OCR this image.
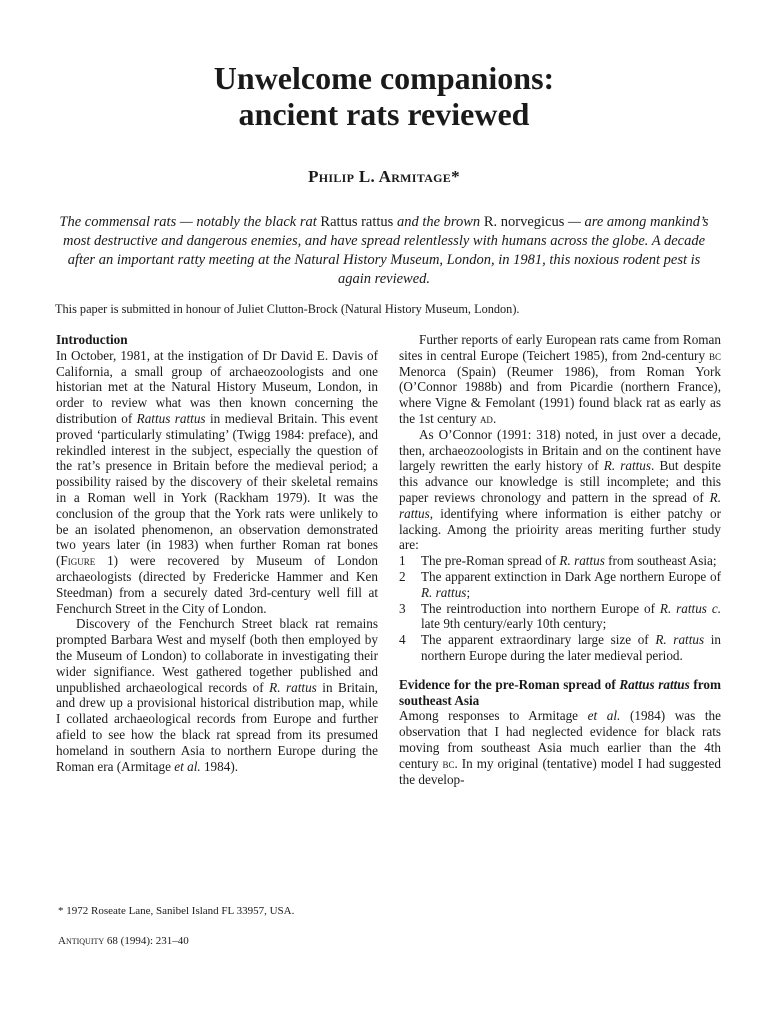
Unwelcome companions:
ancient rats reviewed
Philip L. Armitage*
The commensal rats — notably the black rat Rattus rattus and the brown R. norvegicus — are among mankind’s most destructive and dangerous enemies, and have spread relentlessly with humans across the globe. A decade after an important ratty meeting at the Natural History Museum, London, in 1981, this noxious rodent pest is again reviewed.
This paper is submitted in honour of Juliet Clutton-Brock (Natural History Museum, London).
Introduction

In October, 1981, at the instigation of Dr David E. Davis of California, a small group of archaeozoologists and one historian met at the Natural History Museum, London, in order to review what was then known concerning the distribution of Rattus rattus in medieval Britain. This event proved ‘particularly stimulating’ (Twigg 1984: preface), and rekindled interest in the subject, especially the question of the rat’s presence in Britain before the medieval period; a possibility raised by the discovery of their skeletal remains in a Roman well in York (Rackham 1979). It was the conclusion of the group that the York rats were unlikely to be an isolated phenomenon, an observation demonstrated two years later (in 1983) when further Roman rat bones (Figure 1) were recovered by Museum of London archaeologists (directed by Fredericke Hammer and Ken Steedman) from a securely dated 3rd-century well fill at Fenchurch Street in the City of London.

Discovery of the Fenchurch Street black rat remains prompted Barbara West and myself (both then employed by the Museum of London) to collaborate in investigating their wider signifiance. West gathered together published and unpublished archaeological records of R. rattus in Britain, and drew up a provisional historical distribution map, while I collated archaeological records from Europe and further afield to see how the black rat spread from its presumed homeland in southern Asia to northern Europe during the Roman era (Armitage et al. 1984).

Further reports of early European rats came from Roman sites in central Europe (Teichert 1985), from 2nd-century bc Menorca (Spain) (Reumer 1986), from Roman York (O’Connor 1988b) and from Picardie (northern France), where Vigne & Femolant (1991) found black rat as early as the 1st century ad.

As O’Connor (1991: 318) noted, in just over a decade, then, archaeozoologists in Britain and on the continent have largely rewritten the early history of R. rattus. But despite this advance our knowledge is still incomplete; and this paper reviews chronology and pattern in the spread of R. rattus, identifying where information is either patchy or lacking. Among the prioirity areas meriting further study are:

1	The pre-Roman spread of R. rattus from southeast Asia;
2	The apparent extinction in Dark Age northern Europe of R. rattus;
3	The reintroduction into northern Europe of R. rattus c. late 9th century/early 10th century;
4	The apparent extraordinary large size of R. rattus in northern Europe during the later medieval period.
Evidence for the pre-Roman spread of Rattus rattus from southeast Asia

Among responses to Armitage et al. (1984) was the observation that I had neglected evidence for black rats moving from southeast Asia much earlier than the 4th century bc. In my original (tentative) model I had suggested the develop-

* 1972 Roseate Lane, Sanibel Island FL 33957, USA.
Antiquity 68 (1994): 231–40
